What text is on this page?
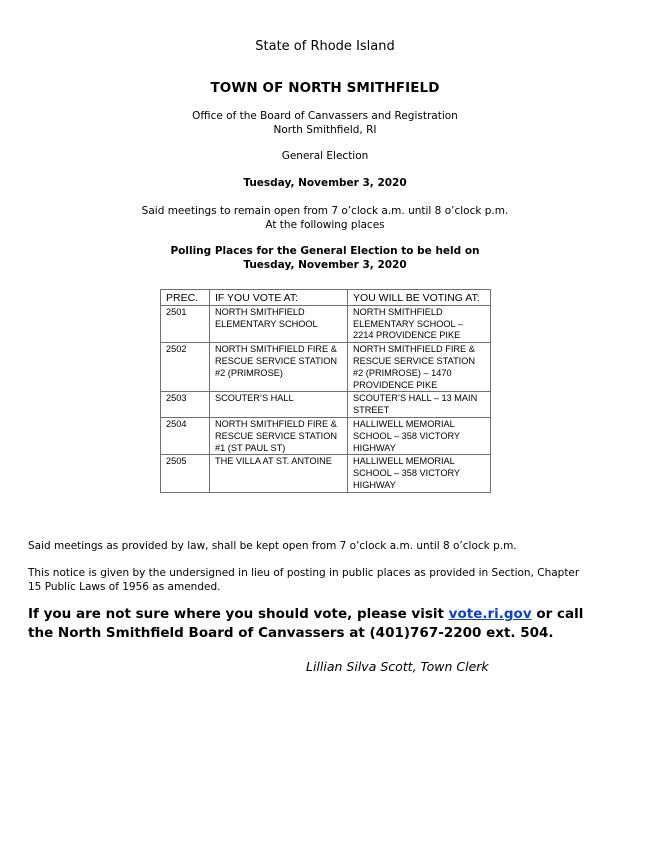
State of Rhode Island
TOWN OF NORTH SMITHFIELD
Office of the Board of Canvassers and Registration
North Smithfield, RI
General Election
Tuesday, November 3, 2020
Said meetings to remain open from 7 o’clock a.m. until 8 o’clock p.m.
At the following places
Polling Places for the General Election to be held on
Tuesday, November 3, 2020
PREC.	IF YOU VOTE AT:	YOU WILL BE VOTING AT:
2501	NORTH SMITHFIELD ELEMENTARY SCHOOL	NORTH SMITHFIELD ELEMENTARY SCHOOL – 2214 PROVIDENCE PIKE
2502	NORTH SMITHFIELD FIRE & RESCUE SERVICE STATION #2 (PRIMROSE)	NORTH SMITHFIELD FIRE & RESCUE SERVICE STATION #2 (PRIMROSE) – 1470 PROVIDENCE PIKE
2503	SCOUTER’S HALL	SCOUTER’S HALL – 13 MAIN STREET
2504	NORTH SMITHFIELD FIRE & RESCUE SERVICE STATION #1 (ST PAUL ST)	HALLIWELL MEMORIAL SCHOOL – 358 VICTORY HIGHWAY
2505	THE VILLA AT ST. ANTOINE	HALLIWELL MEMORIAL SCHOOL – 358 VICTORY HIGHWAY
Said meetings as provided by law, shall be kept open from 7 o’clock a.m. until 8 o’clock p.m.
This notice is given by the undersigned in lieu of posting in public places as provided in Section, Chapter 15 Public Laws of 1956 as amended.
If you are not sure where you should vote, please visit vote.ri.gov or call the North Smithfield Board of Canvassers at (401)767-2200 ext. 504.
Lillian Silva Scott, Town Clerk
